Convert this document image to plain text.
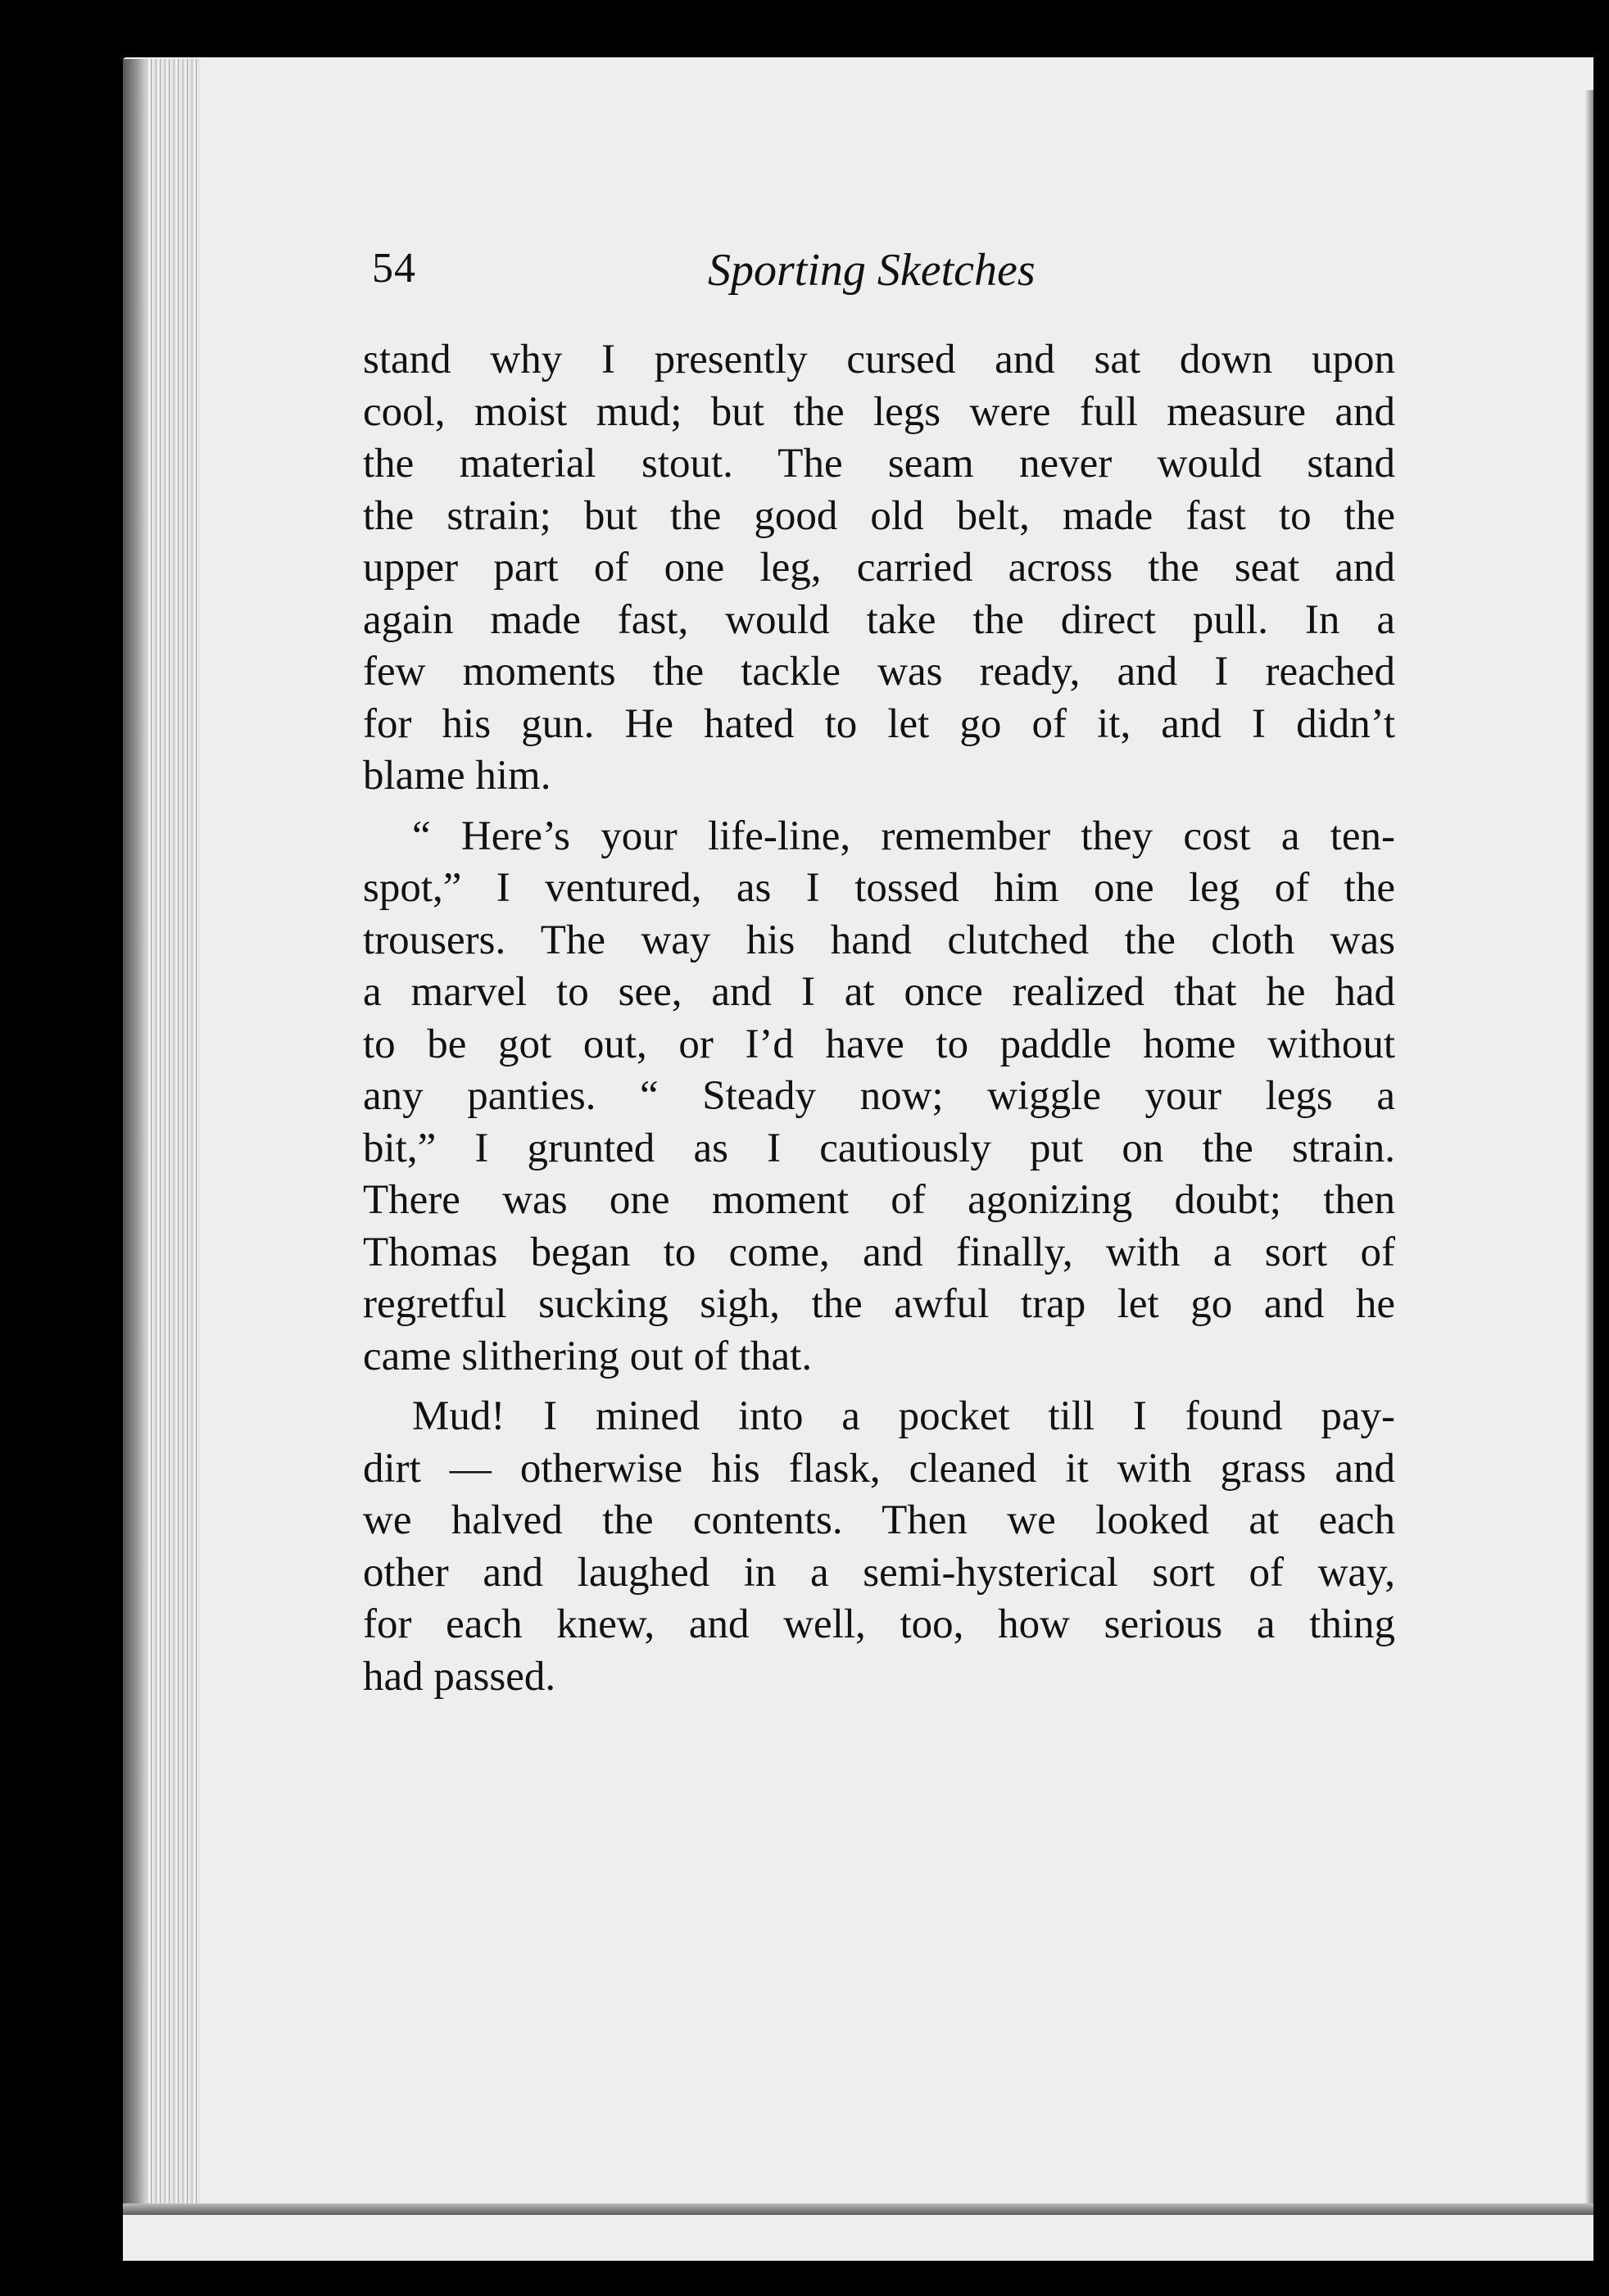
54	Sporting Sketches
stand why I presently cursed and sat down upon
cool, moist mud; but the legs were full measure and
the material stout. The seam never would stand
the strain; but the good old belt, made fast to the
upper part of one leg, carried across the seat and
again made fast, would take the direct pull. In a
few moments the tackle was ready, and I reached
for his gun. He hated to let go of it, and I didn’t
blame him.
“ Here’s your life-line, remember they cost a ten-
spot,” I ventured, as I tossed him one leg of the
trousers. The way his hand clutched the cloth was
a marvel to see, and I at once realized that he had
to be got out, or I’d have to paddle home without
any panties. “ Steady now; wiggle your legs a
bit,” I grunted as I cautiously put on the strain.
There was one moment of agonizing doubt; then
Thomas began to come, and finally, with a sort of
regretful sucking sigh, the awful trap let go and he
came slithering out of that.
Mud! I mined into a pocket till I found pay-
dirt — otherwise his flask, cleaned it with grass and
we halved the contents. Then we looked at each
other and laughed in a semi-hysterical sort of way,
for each knew, and well, too, how serious a thing
had passed.
